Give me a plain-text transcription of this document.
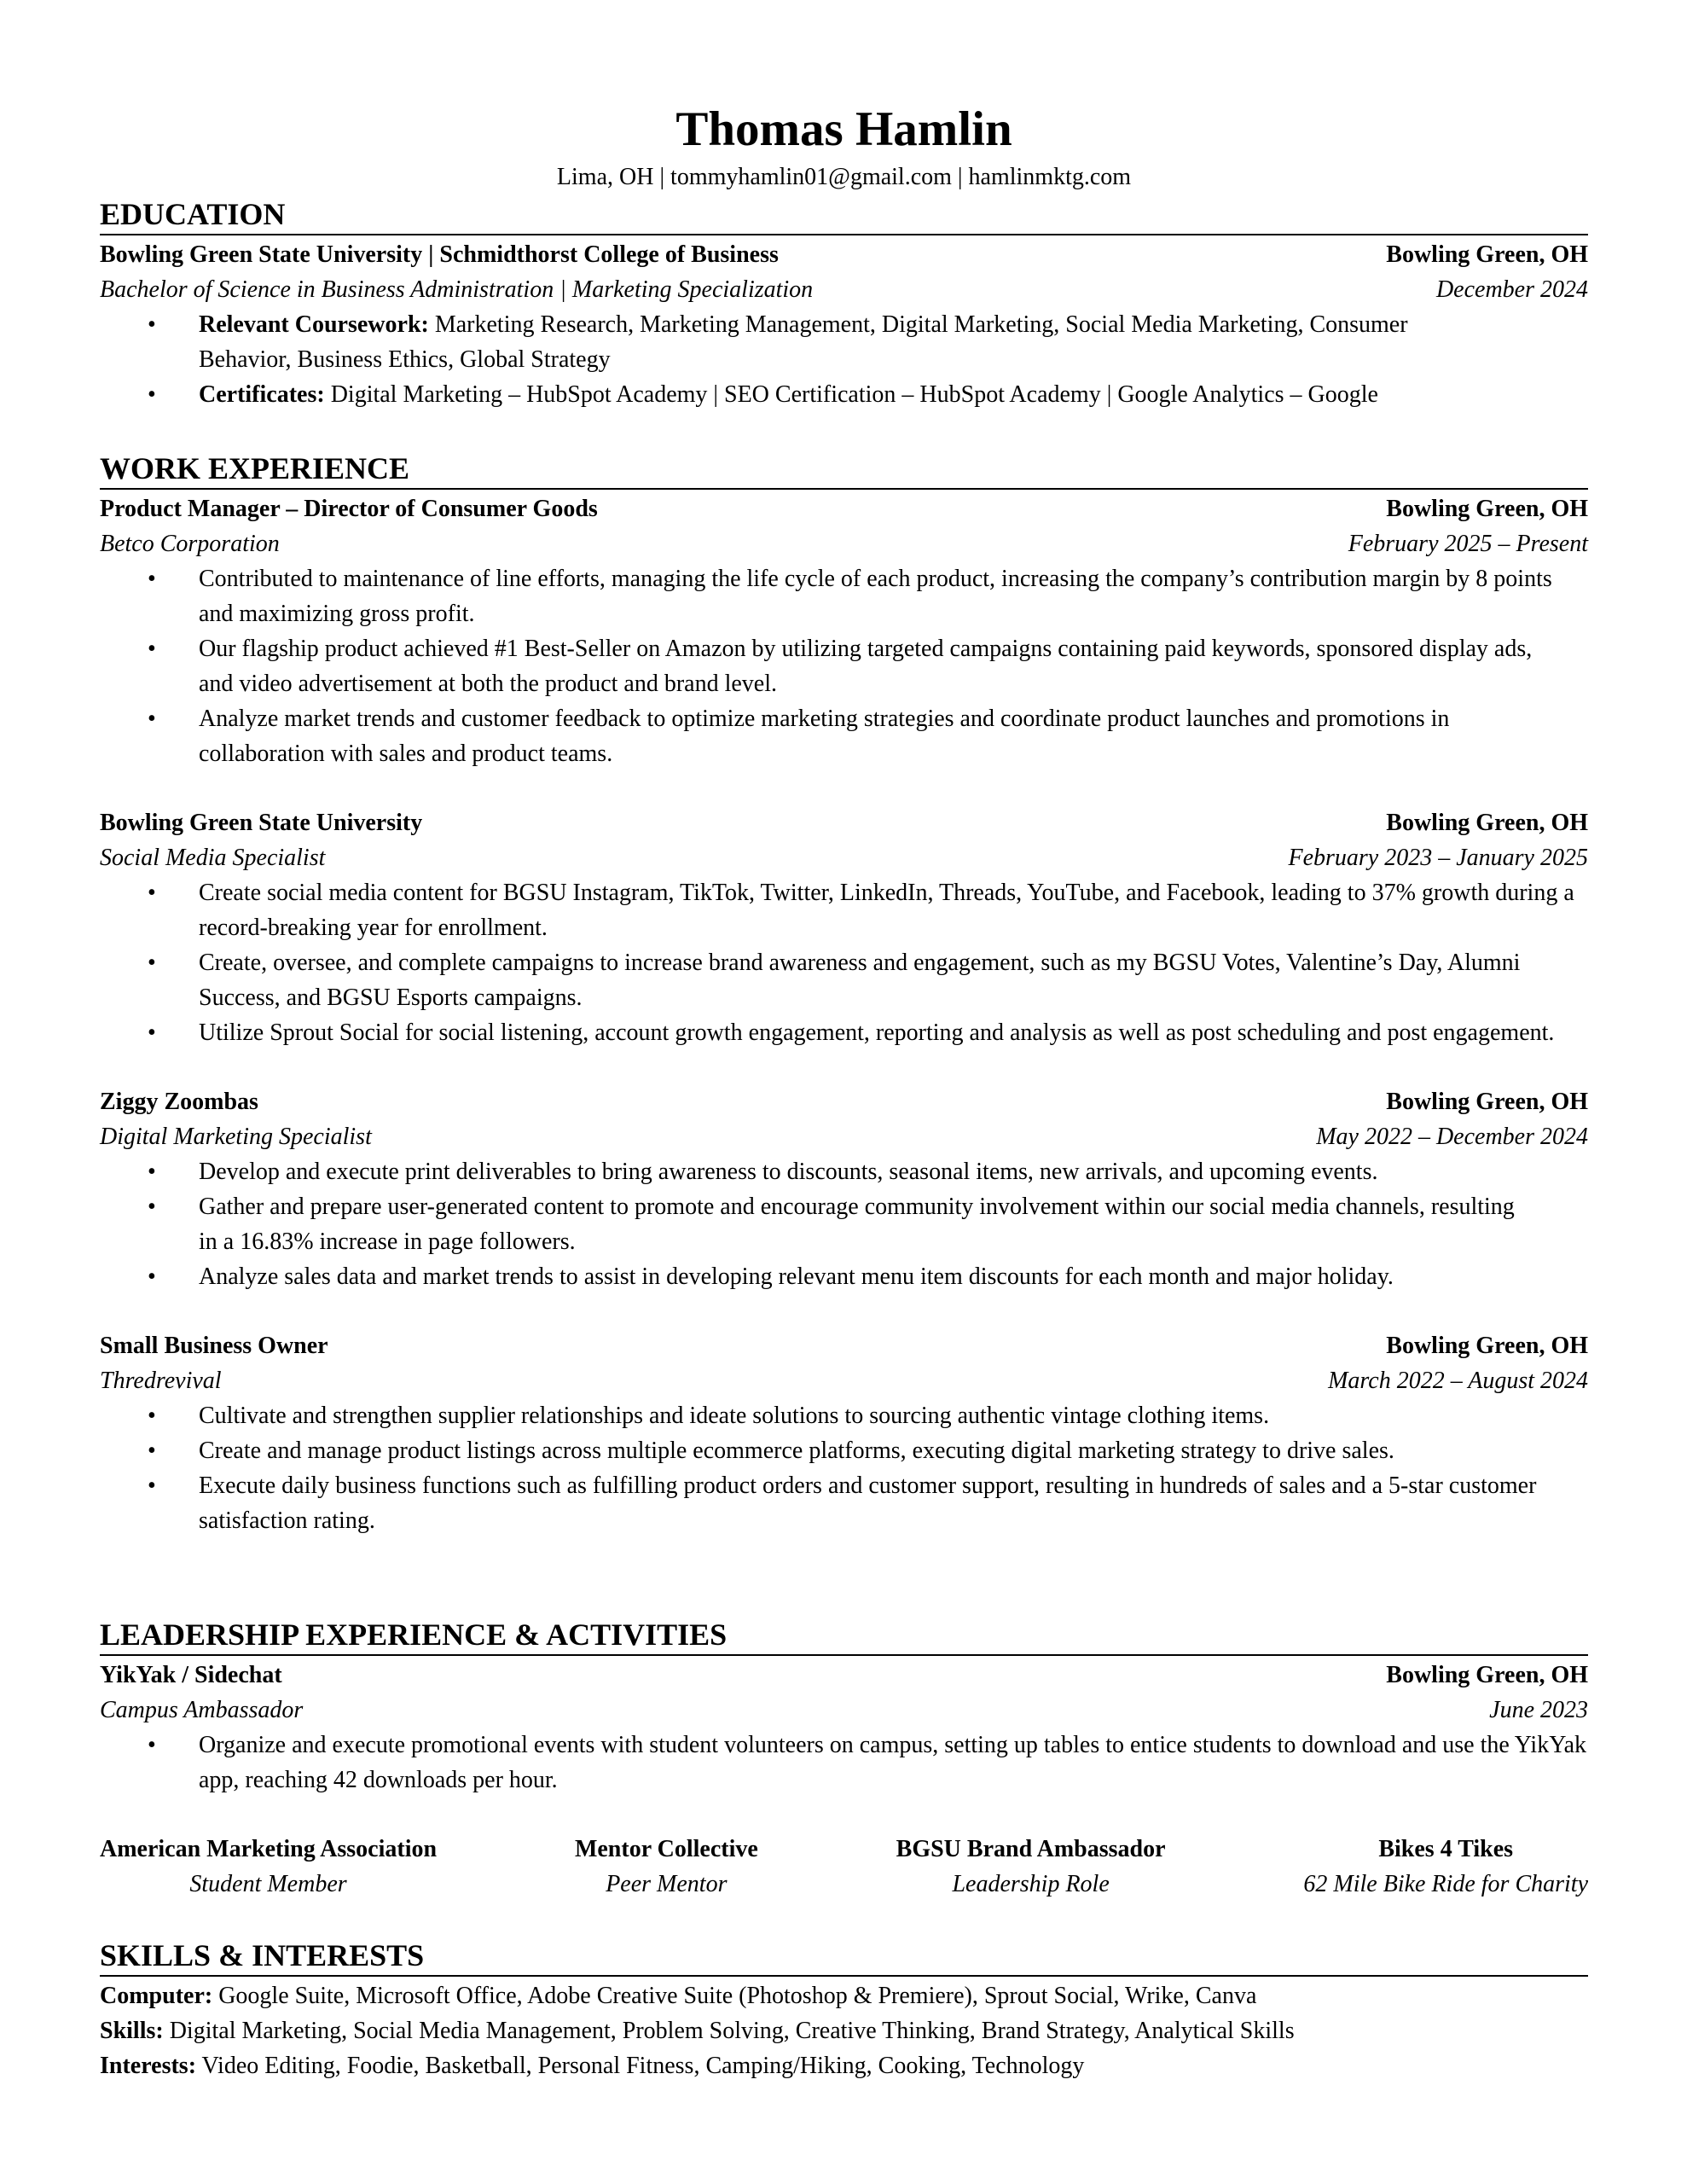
Thomas Hamlin
Lima, OH | tommyhamlin01@gmail.com | hamlinmktg.com
EDUCATION
Bowling Green State University | Schmidthorst College of Business	Bowling Green, OH
Bachelor of Science in Business Administration | Marketing Specialization	December 2024
• Relevant Coursework: Marketing Research, Marketing Management, Digital Marketing, Social Media Marketing, Consumer Behavior, Business Ethics, Global Strategy
• Certificates: Digital Marketing – HubSpot Academy | SEO Certification – HubSpot Academy | Google Analytics – Google
WORK EXPERIENCE
Product Manager – Director of Consumer Goods	Bowling Green, OH
Betco Corporation	February 2025 – Present
• Contributed to maintenance of line efforts, managing the life cycle of each product, increasing the company’s contribution margin by 8 points and maximizing gross profit.
• Our flagship product achieved #1 Best-Seller on Amazon by utilizing targeted campaigns containing paid keywords, sponsored display ads, and video advertisement at both the product and brand level.
• Analyze market trends and customer feedback to optimize marketing strategies and coordinate product launches and promotions in collaboration with sales and product teams.
Bowling Green State University	Bowling Green, OH
Social Media Specialist	February 2023 – January 2025
• Create social media content for BGSU Instagram, TikTok, Twitter, LinkedIn, Threads, YouTube, and Facebook, leading to 37% growth during a record-breaking year for enrollment.
• Create, oversee, and complete campaigns to increase brand awareness and engagement, such as my BGSU Votes, Valentine’s Day, Alumni Success, and BGSU Esports campaigns.
• Utilize Sprout Social for social listening, account growth engagement, reporting and analysis as well as post scheduling and post engagement.
Ziggy Zoombas	Bowling Green, OH
Digital Marketing Specialist	May 2022 – December 2024
• Develop and execute print deliverables to bring awareness to discounts, seasonal items, new arrivals, and upcoming events.
• Gather and prepare user-generated content to promote and encourage community involvement within our social media channels, resulting in a 16.83% increase in page followers.
• Analyze sales data and market trends to assist in developing relevant menu item discounts for each month and major holiday.
Small Business Owner	Bowling Green, OH
Thredrevival	March 2022 – August 2024
• Cultivate and strengthen supplier relationships and ideate solutions to sourcing authentic vintage clothing items.
• Create and manage product listings across multiple ecommerce platforms, executing digital marketing strategy to drive sales.
• Execute daily business functions such as fulfilling product orders and customer support, resulting in hundreds of sales and a 5-star customer satisfaction rating.
LEADERSHIP EXPERIENCE & ACTIVITIES
YikYak / Sidechat	Bowling Green, OH
Campus Ambassador	June 2023
• Organize and execute promotional events with student volunteers on campus, setting up tables to entice students to download and use the YikYak app, reaching 42 downloads per hour.
American Marketing Association
Student Member
Mentor Collective
Peer Mentor
BGSU Brand Ambassador
Leadership Role
Bikes 4 Tikes
62 Mile Bike Ride for Charity
SKILLS & INTERESTS
Computer: Google Suite, Microsoft Office, Adobe Creative Suite (Photoshop & Premiere), Sprout Social, Wrike, Canva
Skills: Digital Marketing, Social Media Management, Problem Solving, Creative Thinking, Brand Strategy, Analytical Skills
Interests: Video Editing, Foodie, Basketball, Personal Fitness, Camping/Hiking, Cooking, Technology
